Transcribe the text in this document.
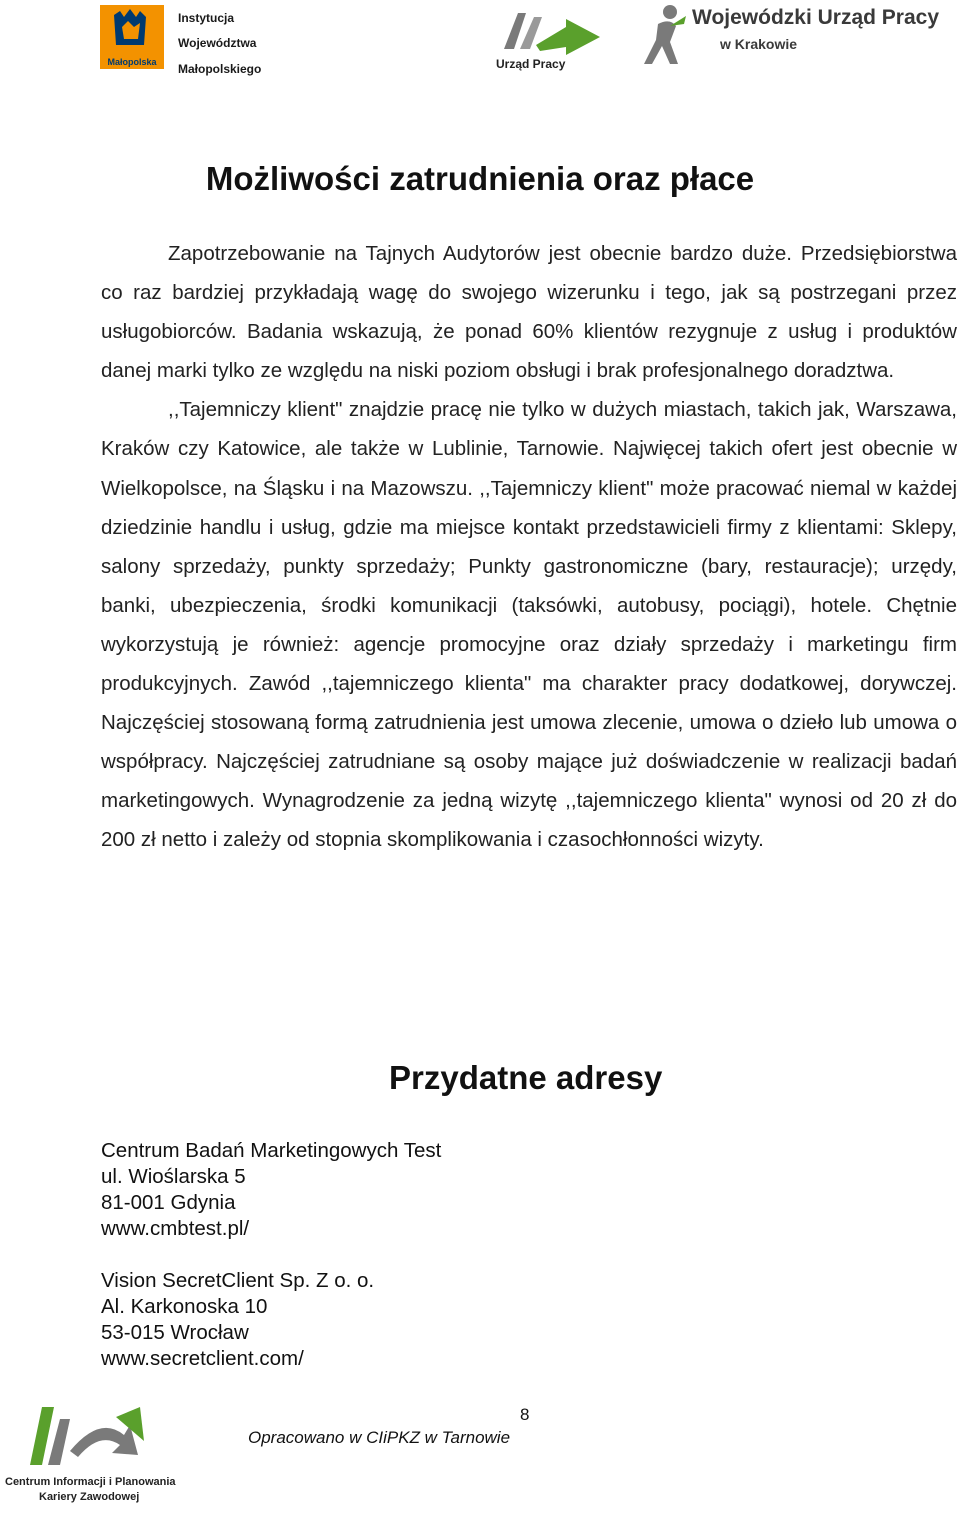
Małopolska
Instytucja
Województwa
Małopolskiego	Urząd Pracy
Wojewódzki Urząd Pracy
w Krakowie
Możliwości zatrudnienia oraz płace

Zapotrzebowanie na Tajnych Audytorów jest obecnie bardzo duże. Przedsiębiorstwa co raz bardziej przykładają wagę do swojego wizerunku i tego, jak są postrzegani przez usługobiorców. Badania wskazują, że ponad 60% klientów rezygnuje z usług i produktów danej marki tylko ze względu na niski poziom obsługi i brak profesjonalnego doradztwa.

,,Tajemniczy klient" znajdzie pracę nie tylko w dużych miastach, takich jak, Warszawa, Kraków czy Katowice, ale także w Lublinie, Tarnowie. Najwięcej takich ofert jest obecnie w Wielkopolsce, na Śląsku i na Mazowszu. ,,Tajemniczy klient" może pracować niemal w każdej dziedzinie handlu i usług, gdzie ma miejsce kontakt przedstawicieli firmy z klientami: Sklepy, salony sprzedaży, punkty sprzedaży; Punkty gastronomiczne (bary, restauracje); urzędy, banki, ubezpieczenia, środki komunikacji (taksówki, autobusy, pociągi), hotele. Chętnie wykorzystują je również: agencje promocyjne oraz działy sprzedaży i marketingu firm produkcyjnych. Zawód ,,tajemniczego klienta" ma charakter pracy dodatkowej, dorywczej. Najczęściej stosowaną formą zatrudnienia jest umowa zlecenie, umowa o dzieło lub umowa o współpracy. Najczęściej zatrudniane są osoby mające już doświadczenie w realizacji badań marketingowych. Wynagrodzenie za jedną wizytę ,,tajemniczego klienta" wynosi od 20 zł do 200 zł netto i zależy od stopnia skomplikowania i czasochłonności wizyty.

Przydatne adresy
Centrum Badań Marketingowych Test
ul. Wioślarska 5
81-001 Gdynia
www.cmbtest.pl/
Vision SecretClient Sp. Z o. o.
Al. Karkonoska 10
53-015 Wrocław
www.secretclient.com/
Centrum Informacji i Planowania
Kariery Zawodowej
8
Opracowano w CIiPKZ w Tarnowie
